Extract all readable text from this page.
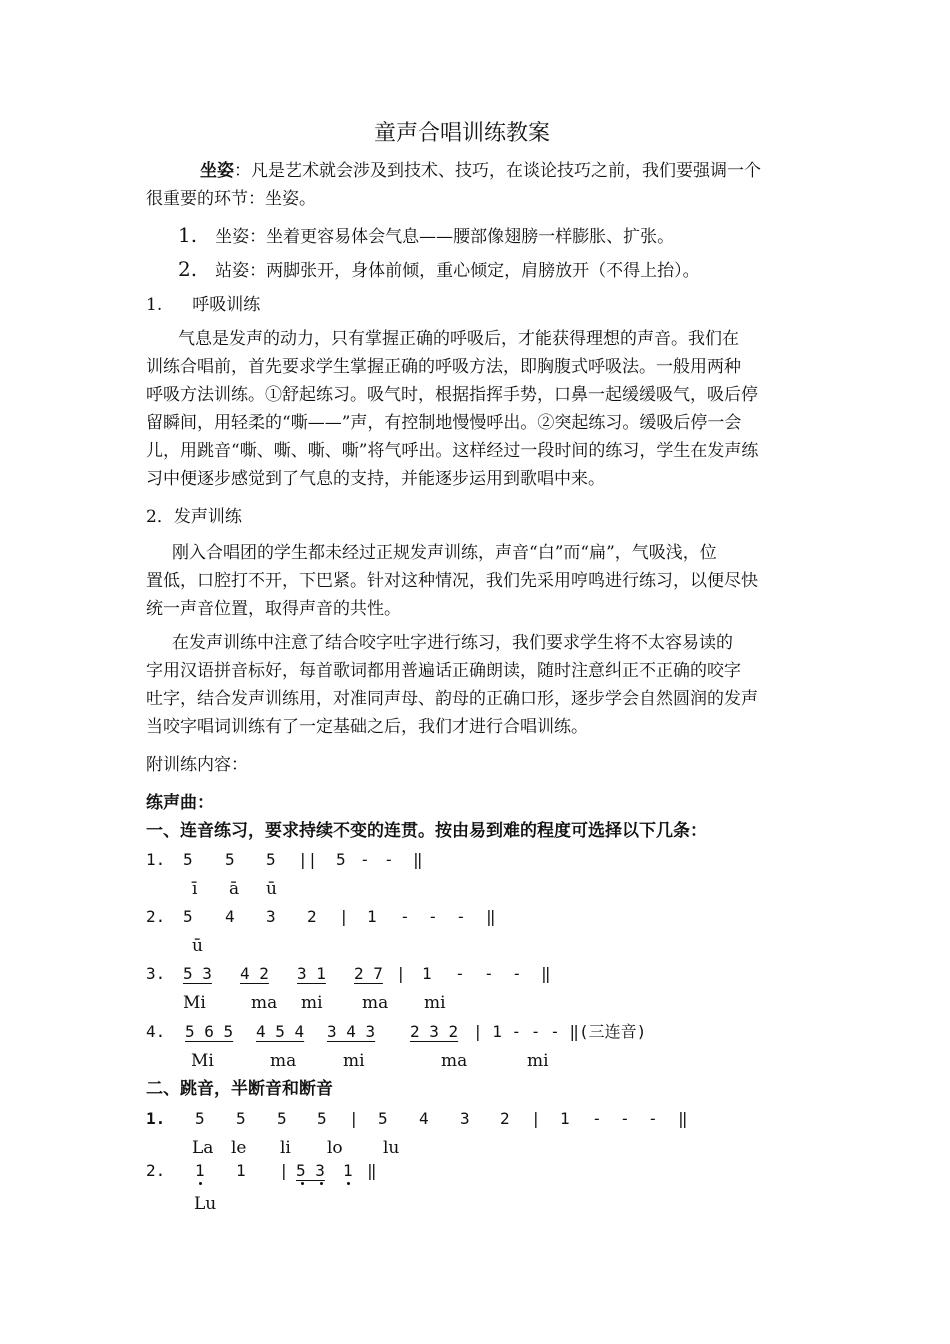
童声合唱训练教案
坐姿：凡是艺术就会涉及到技术、技巧，在谈论技巧之前，我们要强调一个
很重要的环节：坐姿。
1. 坐姿：坐着更容易体会气息——腰部像翅膀一样膨胀、扩张。
2. 站姿：两脚张开，身体前倾，重心倾定，肩膀放开（不得上抬）。
1. 呼吸训练
气息是发声的动力，只有掌握正确的呼吸后，才能获得理想的声音。我们在
训练合唱前，首先要求学生掌握正确的呼吸方法，即胸腹式呼吸法。一般用两种
呼吸方法训练。①舒起练习。吸气时，根据指挥手势，口鼻一起缓缓吸气，吸后停
留瞬间，用轻柔的“嘶——”声，有控制地慢慢呼出。②突起练习。缓吸后停一会
儿，用跳音“嘶、嘶、嘶、嘶”将气呼出。这样经过一段时间的练习，学生在发声练
习中便逐步感觉到了气息的支持，并能逐步运用到歌唱中来。
2．发声训练
刚入合唱团的学生都未经过正规发声训练，声音“白”而“扁”，气吸浅，位
置低，口腔打不开，下巴紧。针对这种情况，我们先采用哼鸣进行练习，以便尽快
统一声音位置，取得声音的共性。
在发声训练中注意了结合咬字吐字进行练习，我们要求学生将不太容易读的
字用汉语拼音标好，每首歌词都用普遍话正确朗读，随时注意纠正不正确的咬字
吐字，结合发声训练用，对准同声母、韵母的正确口形，逐步学会自然圆润的发声
当咬字唱词训练有了一定基础之后，我们才进行合唱训练。
附训练内容：
练声曲：
一、连音练习，要求持续不变的连贯。按由易到难的程度可选择以下几条：
1. 5 5 5 || 5 - - ‖
ī ā ū
2. 5 4 3 2 | 1 - - - ‖
ū
3. 5 3 4 2 3 1 2 7 | 1 - - - ‖
Mi	ma mi ma mi
4. 5 6 5 4 5 4 3 4 3 2 3 2 | 1 - - - ‖(三连音)
Mi	ma	mi	ma	mi
二、跳音，半断音和断音
1. 5 5 5 5 | 5 4 3 2 | 1 - - - ‖
La le li lo lu
2. 1 1 | 5 3 1 ‖
Lu
